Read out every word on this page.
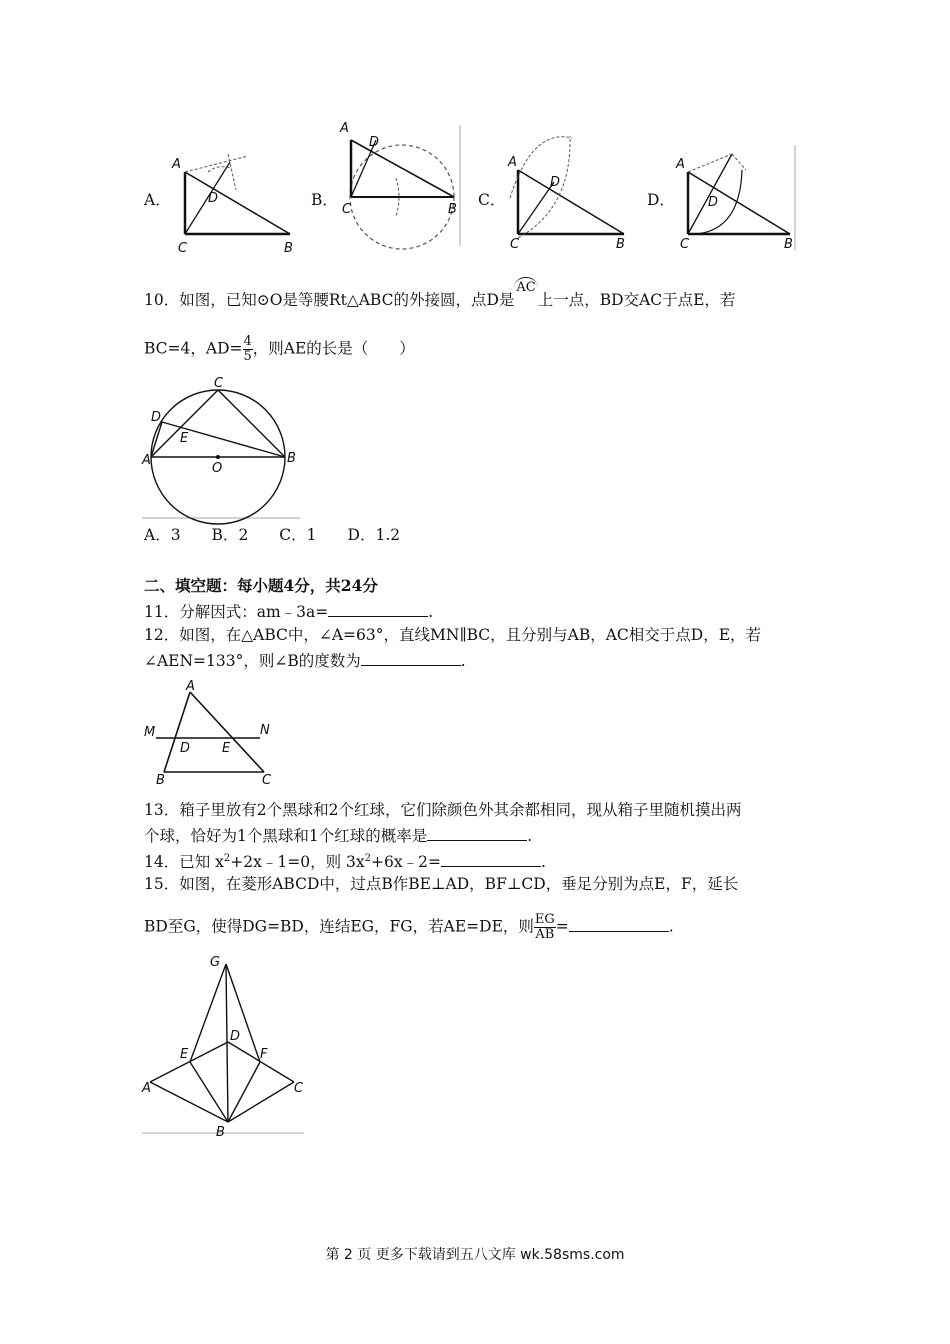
A．
A
D
C	B
B．
A
D
C	B
C．
A
D
C	B
D．
A
D
C	B
10．如图，已知⊙O是等腰Rt△ABC的外接圆，点D是AC上一点，BD交AC于点E，若
BC=4，$AD= \frac{4}{5}$ ，则AE的长是（　　）
C
D
E
A
O
B
A．3　　B．2　　C．1　　D．1.2
二、填空题：每小题4分，共24分
11．分解因式：am﹣3a=	.
12．如图，在△ABC中，∠A=63°，直线MN∥BC，且分别与AB，AC相交于点D，E，若
∠AEN=133°，则∠B的度数为	.
A
M	N
D E
B	C
13．箱子里放有2个黑球和2个红球，它们除颜色外其余都相同，现从箱子里随机摸出两
个球，恰好为1个黑球和1个红球的概率是	.
14．已知 $x^2+2x﹣1=0$，则 $3x^2+6x﹣2=$	.
15．如图，在菱形ABCD中，过点B作BE⊥AD，BF⊥CD，垂足分别为点E，F，延长
BD至G，使得DG=BD，连结EG，FG，若AE=DE，则 $\frac{EG}{AB}$ =	.
G
D
E	F
A	C
B
第 2 页 更多下载请到五八文库 wk.58sms.com
